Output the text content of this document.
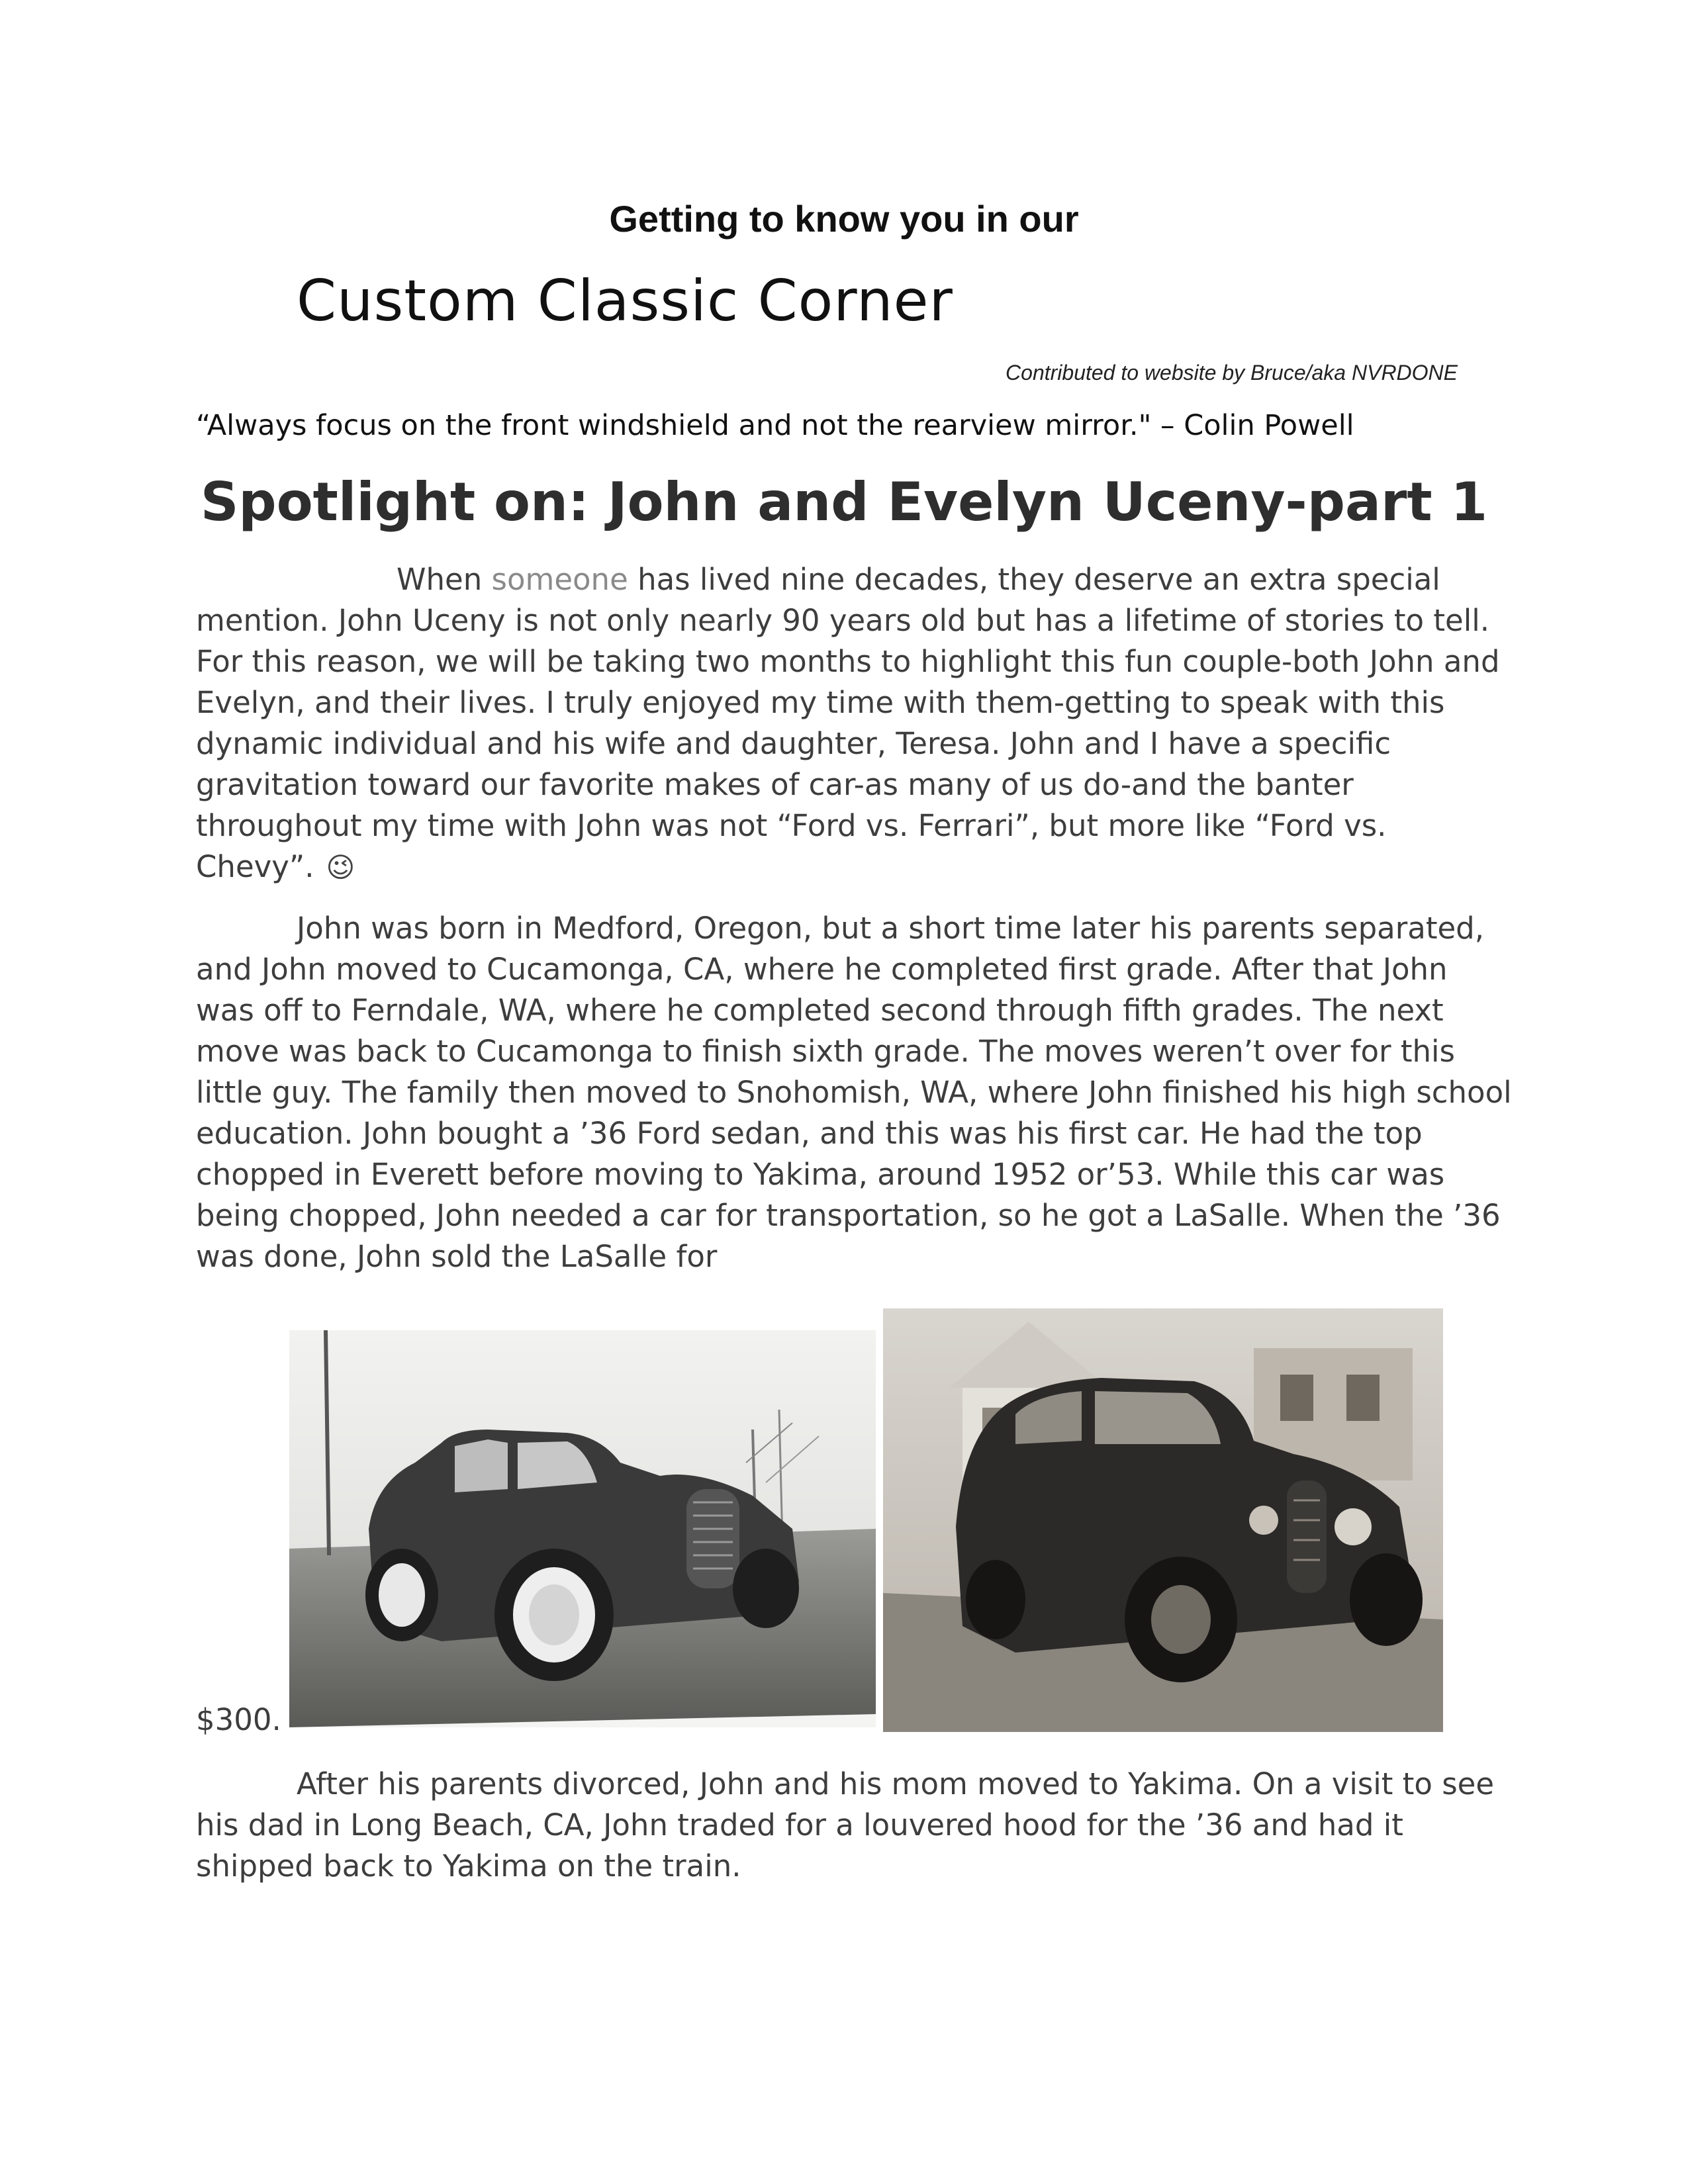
Getting to know you in our
Custom Classic Corner
Contributed to website by Bruce/aka NVRDONE
“Always focus on the front windshield and not the rearview mirror." – Colin Powell
Spotlight on: John and Evelyn Uceny-part 1

When someone has lived nine decades, they deserve an extra special mention. John Uceny is not only nearly 90 years old but has a lifetime of stories to tell. For this reason, we will be taking two months to highlight this fun couple-both John and Evelyn, and their lives. I truly enjoyed my time with them-getting to speak with this dynamic individual and his wife and daughter, Teresa. John and I have a specific gravitation toward our favorite makes of car-as many of us do-and the banter throughout my time with John was not “Ford vs. Ferrari”, but more like “Ford vs. Chevy”. 😉

John was born in Medford, Oregon, but a short time later his parents separated, and John moved to Cucamonga, CA, where he completed first grade. After that John was off to Ferndale, WA, where he completed second through fifth grades. The next move was back to Cucamonga to finish sixth grade. The moves weren’t over for this little guy. The family then moved to Snohomish, WA, where John finished his high school education. John bought a ’36 Ford sedan, and this was his first car. He had the top chopped in Everett before moving to Yakima, around 1952 or’53. While this car was being chopped, John needed a car for transportation, so he got a LaSalle. When the ’36 was done, John sold the LaSalle for

$300.

After his parents divorced, John and his mom moved to Yakima. On a visit to see his dad in Long Beach, CA, John traded for a louvered hood for the ’36 and had it shipped back to Yakima on the train.
